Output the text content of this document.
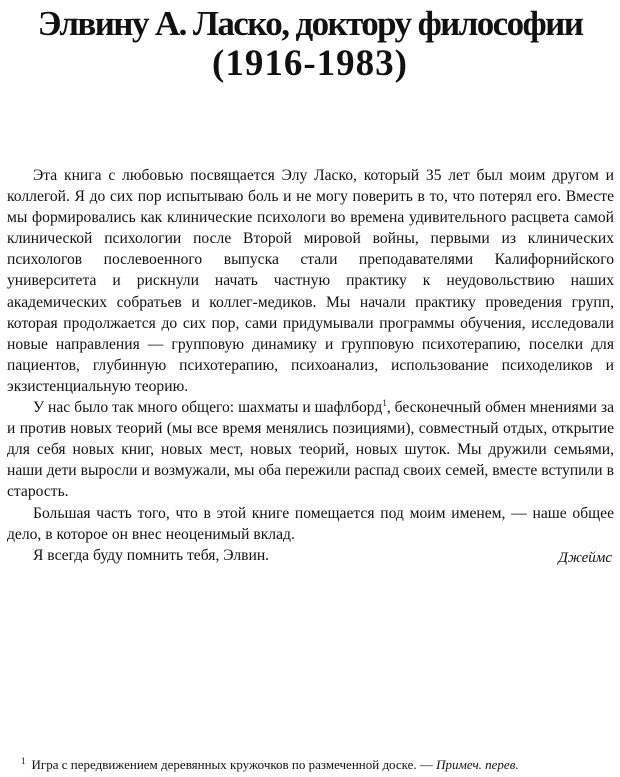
Элвину А. Ласко, доктору философии
(1916-1983)

Эта книга с любовью посвящается Элу Ласко, который 35 лет был моим другом и коллегой. Я до сих пор испытываю боль и не могу поверить в то, что потерял его. Вместе мы формировались как клинические психологи во времена удивительного расцвета самой клинической психологии после Второй мировой войны, первыми из клинических психологов послевоенного выпуска стали преподавателями Калифорнийского университета и рискнули начать частную практику к неудовольствию наших академических собратьев и коллег-медиков. Мы начали практику проведения групп, которая продолжается до сих пор, сами придумывали программы обучения, исследовали новые направления — групповую динамику и групповую психотерапию, поселки для пациентов, глубинную психотерапию, психоанализ, использование психоделиков и экзистенциальную теорию.

У нас было так много общего: шахматы и шафлборд$^1$, бесконечный обмен мнениями за и против новых теорий (мы все время менялись позициями), совместный отдых, открытие для себя новых книг, новых мест, новых теорий, новых шуток. Мы дружили семьями, наши дети выросли и возмужали, мы оба пережили распад своих семей, вместе вступили в старость.

Большая часть того, что в этой книге помещается под моим именем, — наше общее дело, в которое он внес неоценимый вклад.

Я всегда буду помнить тебя, Элвин.	Джеймс

$^1$ Игра с передвижением деревянных кружочков по размеченной доске. — Примеч. перев.
